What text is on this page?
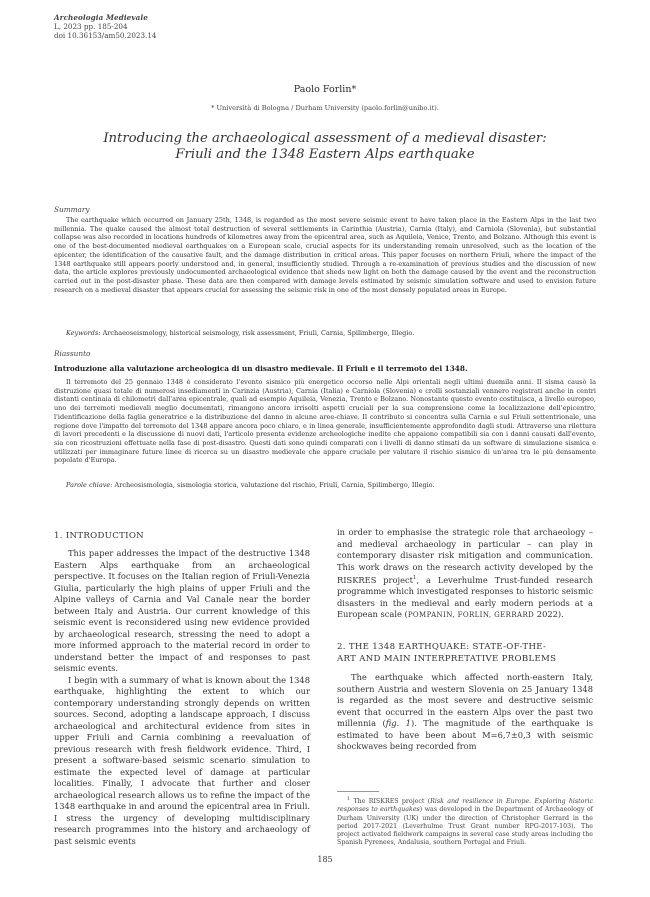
Archeologia Medievale
L, 2023 pp. 185-204
doi 10.36153/am50.2023.14
Paolo Forlin*
* Università di Bologna / Durham University (paolo.forlin@unibo.it).
Introducing the archaeological assessment of a medieval disaster:
Friuli and the 1348 Eastern Alps earthquake
Summary
The earthquake which occurred on January 25th, 1348, is regarded as the most severe seismic event to have taken place in the Eastern Alps in the last two millennia. The quake caused the almost total destruction of several settlements in Carinthia (Austria), Carnia (Italy), and Carniola (Slovenia), but substantial collapse was also recorded in locations hundreds of kilometres away from the epicentral area, such as Aquileia, Venice, Trento, and Bolzano. Although this event is one of the best-documented medieval earthquakes on a European scale, crucial aspects for its understanding remain unresolved, such as the location of the epicenter, the identification of the causative fault, and the damage distribution in critical areas. This paper focuses on northern Friuli, where the impact of the 1348 earthquake still appears poorly understood and, in general, insufficiently studied. Through a re-examination of previous studies and the discussion of new data, the article explores previously undocumented archaeological evidence that sheds new light on both the damage caused by the event and the reconstruction carried out in the post-disaster phase. These data are then compared with damage levels estimated by seismic simulation software and used to envision future research on a medieval disaster that appears crucial for assessing the seismic risk in one of the most densely populated areas in Europe.
Keywords: Archaeoseismology, historical seismology, risk assessment, Friuli, Carnia, Spilimbergo, Illegio.
Riassunto
Introduzione alla valutazione archeologica di un disastro medievale. Il Friuli e il terremoto del 1348.
Il terremoto del 25 gennaio 1348 è considerato l'evento sismico più energetico occorso nelle Alpi orientali negli ultimi duemila anni. Il sisma causò la distruzione quasi totale di numerosi insediamenti in Carinzia (Austria), Carnia (Italia) e Carniola (Slovenia) e crolli sostanziali vennero registrati anche in centri distanti centinaia di chilometri dall'area epicentrale, quali ad esempio Aquileia, Venezia, Trento e Bolzano. Nonostante questo evento costituisca, a livello europeo, uno dei terremoti medievali meglio documentati, rimangono ancora irrisolti aspetti cruciali per la sua comprensione come la localizzazione dell'epicentro, l'identificazione della faglia generatrice e la distribuzione del danno in alcune aree-chiave. Il contributo si concentra sulla Carnia e sul Friuli settentrionale, una regione dove l'impatto del terremoto del 1348 appare ancora poco chiaro, e in linea generale, insufficientemente approfondito dagli studi. Attraverso una rilettura di lavori precedenti e la discussione di nuovi dati, l'articolo presenta evidenze archeologiche inedite che appaiono compatibili sia con i danni causati dall'evento, sia con ricostruzioni effettuate nella fase di post-disastro. Questi dati sono quindi comparati con i livelli di danno stimati da un software di simulazione sismica e utilizzati per immaginare future linee di ricerca su un disastro medievale che appare cruciale per valutare il rischio sismico di un'area tra le più densamente popolate d'Europa.
Parole chiave: Archeosismologia, sismologia storica, valutazione del rischio, Friuli, Carnia, Spilimbergo, Illegio.
1. INTRODUCTION

This paper addresses the impact of the destructive 1348 Eastern Alps earthquake from an archaeological perspective. It focuses on the Italian region of Friuli-Venezia Giulia, particularly the high plains of upper Friuli and the Alpine valleys of Carnia and Val Canale near the border between Italy and Austria. Our current knowledge of this seismic event is reconsidered using new evidence provided by archaeological research, stressing the need to adopt a more informed approach to the material record in order to understand better the impact of and responses to past seismic events.

I begin with a summary of what is known about the 1348 earthquake, highlighting the extent to which our contemporary understanding strongly depends on written sources. Second, adopting a landscape approach, I discuss archaeological and architectural evidence from sites in upper Friuli and Carnia combining a reevaluation of previous research with fresh fieldwork evidence. Third, I present a software-based seismic scenario simulation to estimate the expected level of damage at particular localities. Finally, I advocate that further and closer archaeological research allows us to refine the impact of the 1348 earthquake in and around the epicentral area in Friuli. I stress the urgency of developing multidisciplinary research programmes into the history and archaeology of past seismic events

in order to emphasise the strategic role that archaeology – and medieval archaeology in particular – can play in contemporary disaster risk mitigation and communication. This work draws on the research activity developed by the RISKRES project$^1$, a Leverhulme Trust-funded research programme which investigated responses to historic seismic disasters in the medieval and early modern periods at a European scale (POMPANIN, FORLIN, GERRARD 2022).

2. THE 1348 EARTHQUAKE: STATE-OF-THE-
ART AND MAIN INTERPRETATIVE PROBLEMS

The earthquake which affected north-eastern Italy, southern Austria and western Slovenia on 25 January 1348 is regarded as the most severe and destructive seismic event that occurred in the eastern Alps over the past two millennia (fig. 1). The magnitude of the earthquake is estimated to have been about M=6,7±0,3 with seismic shockwaves being recorded from

$^1$ The RISKRES project (Risk and resilience in Europe. Exploring historic responses to earthquakes) was developed in the Department of Archaeology of Durham University (UK) under the direction of Christopher Gerrard in the period 2017-2021 (Leverhulme Trust Grant number RPG-2017-103). The project activated fieldwork campaigns in several case study areas including the Spanish Pyrenees, Andalusia, southern Portugal and Friuli.
185
